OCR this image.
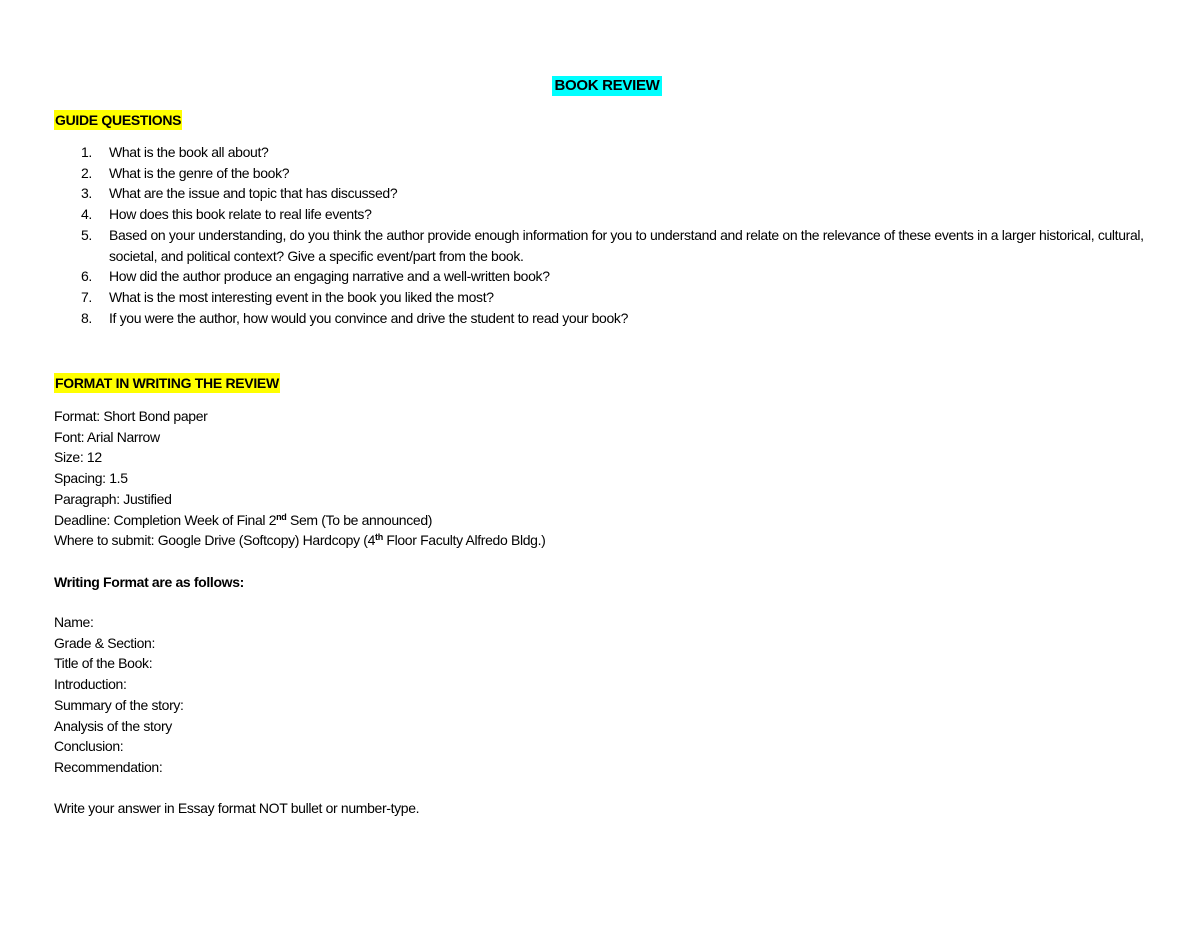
BOOK REVIEW
GUIDE QUESTIONS
1. What is the book all about?
2. What is the genre of the book?
3. What are the issue and topic that has discussed?
4. How does this book relate to real life events?
5. Based on your understanding, do you think the author provide enough information for you to understand and relate on the relevance of these events in a larger historical, cultural, societal, and political context? Give a specific event/part from the book.
6. How did the author produce an engaging narrative and a well-written book?
7. What is the most interesting event in the book you liked the most?
8. If you were the author, how would you convince and drive the student to read your book?
FORMAT IN WRITING THE REVIEW
Format: Short Bond paper
Font: Arial Narrow
Size: 12
Spacing: 1.5
Paragraph: Justified
Deadline: Completion Week of Final 2nd Sem (To be announced)
Where to submit: Google Drive (Softcopy) Hardcopy (4th Floor Faculty Alfredo Bldg.)
Writing Format are as follows:
Name:
Grade & Section:
Title of the Book:
Introduction:
Summary of the story:
Analysis of the story
Conclusion:
Recommendation:
Write your answer in Essay format NOT bullet or number-type.
